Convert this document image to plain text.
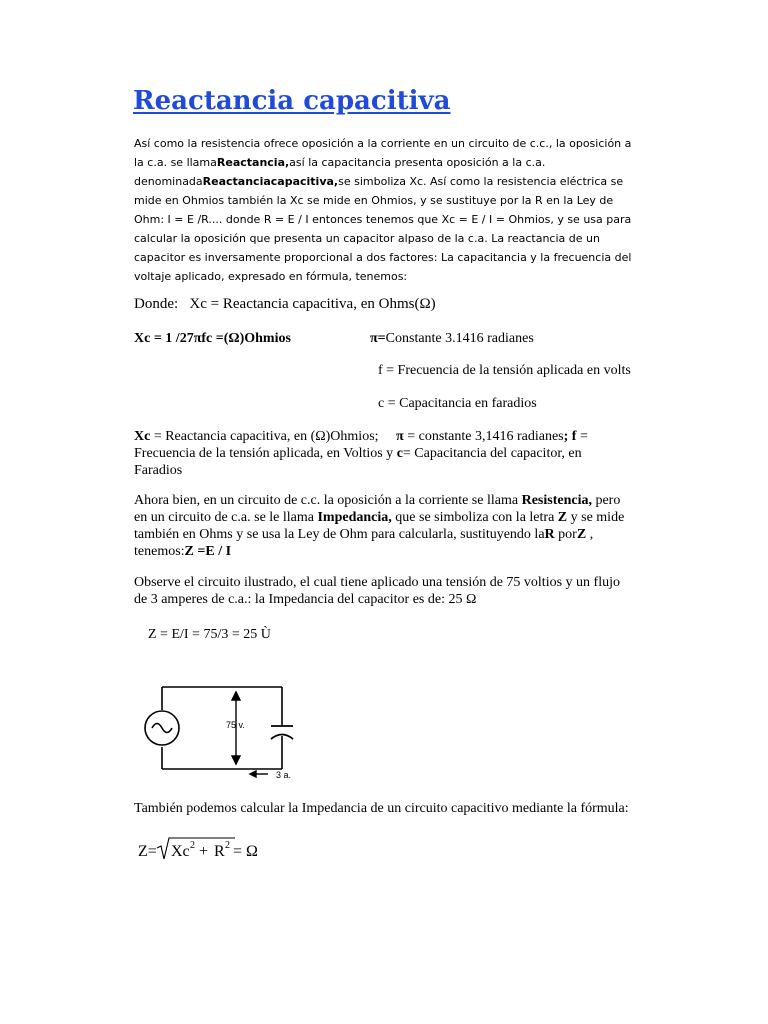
Reactancia capacitiva

Así como la resistencia ofrece oposición a la corriente en un circuito de c.c., la oposición a la c.a. se llamaReactancia,así la capacitancia presenta oposición a la c.a. denominadaReactanciacapacitiva,se simboliza Xc. Así como la resistencia eléctrica se mide en Ohmios también la Xc se mide en Ohmios, y se sustituye por la R en la Ley de Ohm: I = E /R.... donde R = E / I entonces tenemos que Xc = E / I = Ohmios, y se usa para calcular la oposición que presenta un capacitor alpaso de la c.a. La reactancia de un capacitor es inversamente proporcional a dos factores: La capacitancia y la frecuencia del voltaje aplicado, expresado en fórmula, tenemos:

Donde: Xc = Reactancia capacitiva, en Ohms(Ω)

Xc = 1 /27πfc =(Ω)Ohmios	π=Constante 3.1416 radianes

f = Frecuencia de la tensión aplicada en volts

c = Capacitancia en faradios

Xc = Reactancia capacitiva, en (Ω)Ohmios; π = constante 3,1416 radianes; f = Frecuencia de la tensión aplicada, en Voltios y c= Capacitancia del capacitor, en Faradios

Ahora bien, en un circuito de c.c. la oposición a la corriente se llama Resistencia, pero en un circuito de c.a. se le llama Impedancia, que se simboliza con la letra Z y se mide también en Ohms y se usa la Ley de Ohm para calcularla, sustituyendo laR porZ , tenemos:Z =E / I

Observe el circuito ilustrado, el cual tiene aplicado una tensión de 75 voltios y un flujo de 3 amperes de c.a.: la Impedancia del capacitor es de: 25 Ω

Z = E/I = 75/3 = 25 Ù

75 v.
3 a.

También podemos calcular la Impedancia de un circuito capacitivo mediante la fórmula:

Z= Xc 2 + R 2 = Ω
